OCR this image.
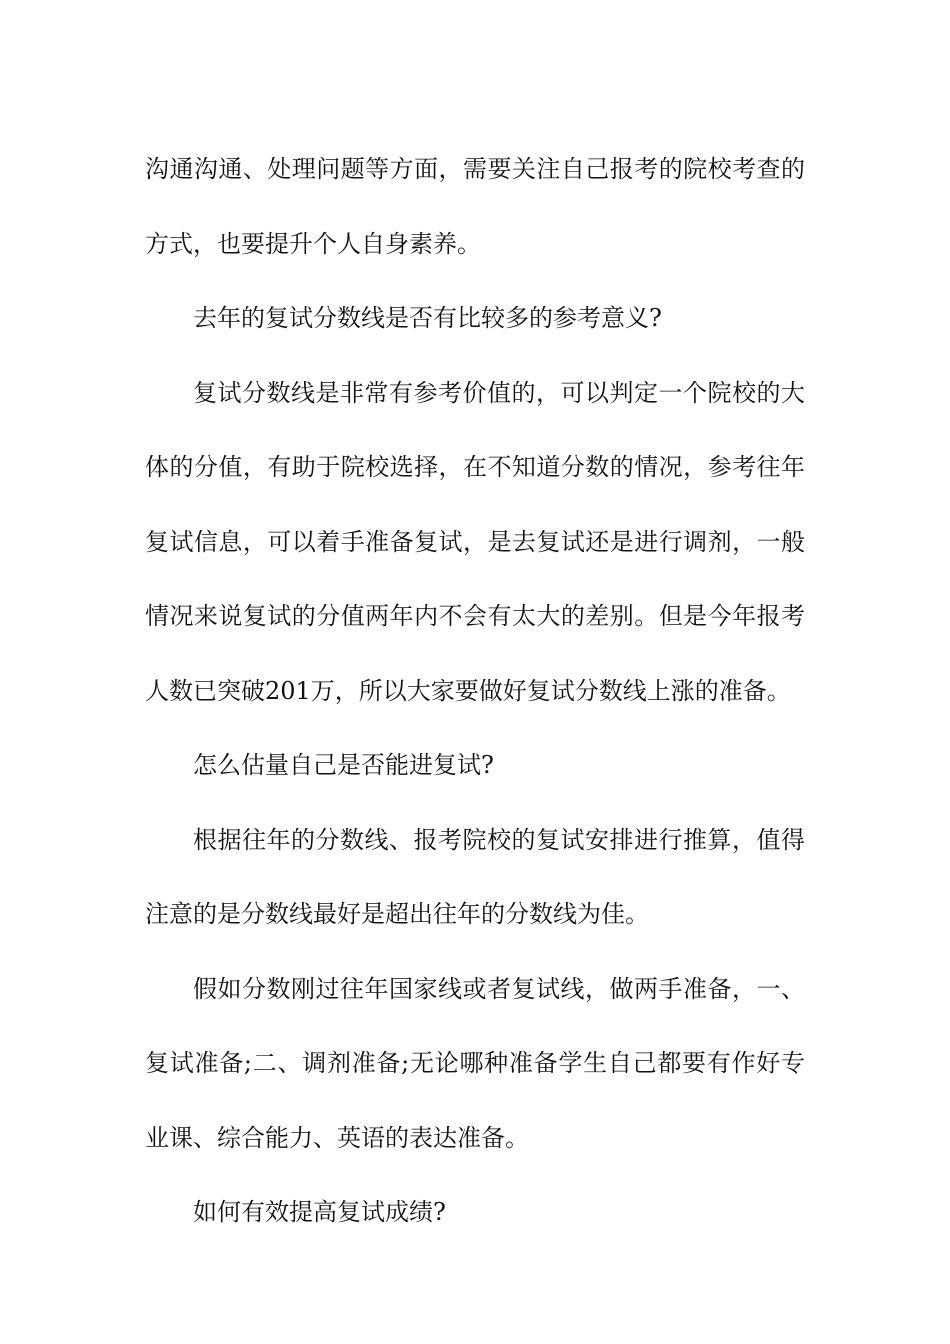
沟通沟通、处理问题等方面，需要关注自己报考的院校考查的方式，也要提升个人自身素养。

去年的复试分数线是否有比较多的参考意义?

复试分数线是非常有参考价值的，可以判定一个院校的大体的分值，有助于院校选择，在不知道分数的情况，参考往年复试信息，可以着手准备复试，是去复试还是进行调剂，一般情况来说复试的分值两年内不会有太大的差别。但是今年报考人数已突破201万，所以大家要做好复试分数线上涨的准备。

怎么估量自己是否能进复试?

根据往年的分数线、报考院校的复试安排进行推算，值得注意的是分数线最好是超出往年的分数线为佳。

假如分数刚过往年国家线或者复试线，做两手准备，一、复试准备;二、调剂准备;无论哪种准备学生自己都要有作好专业课、综合能力、英语的表达准备。

如何有效提高复试成绩?
